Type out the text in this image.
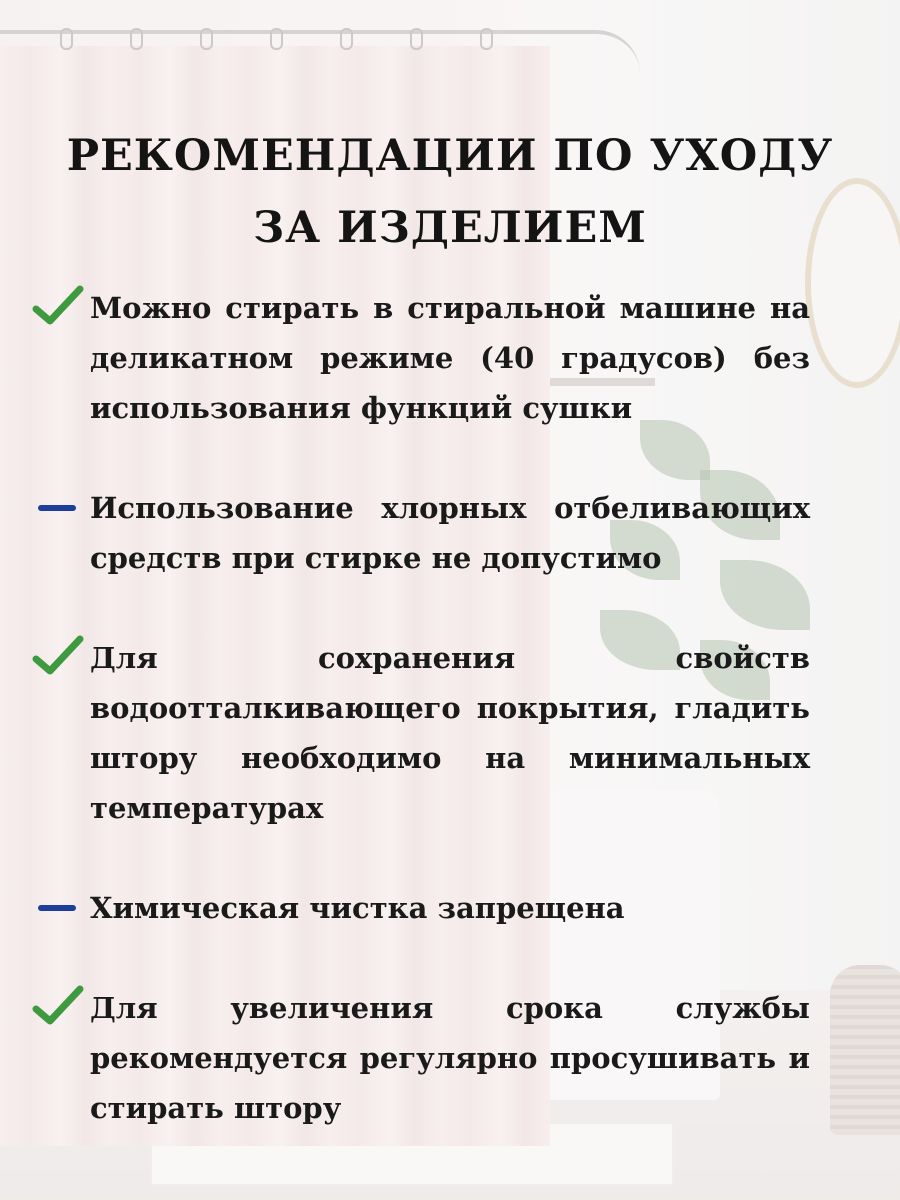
РЕКОМЕНДАЦИИ ПО УХОДУ
ЗА ИЗДЕЛИЕМ
Можно стирать в стиральной машине на деликатном режиме (40 градусов) без использования функций сушки
Использование хлорных отбеливающих средств при стирке не допустимо
Для сохранения свойств водоотталкивающего покрытия, гладить штору необходимо на минимальных температурах
Химическая чистка запрещена
Для увеличения срока службы рекомендуется регулярно просушивать и стирать штору
